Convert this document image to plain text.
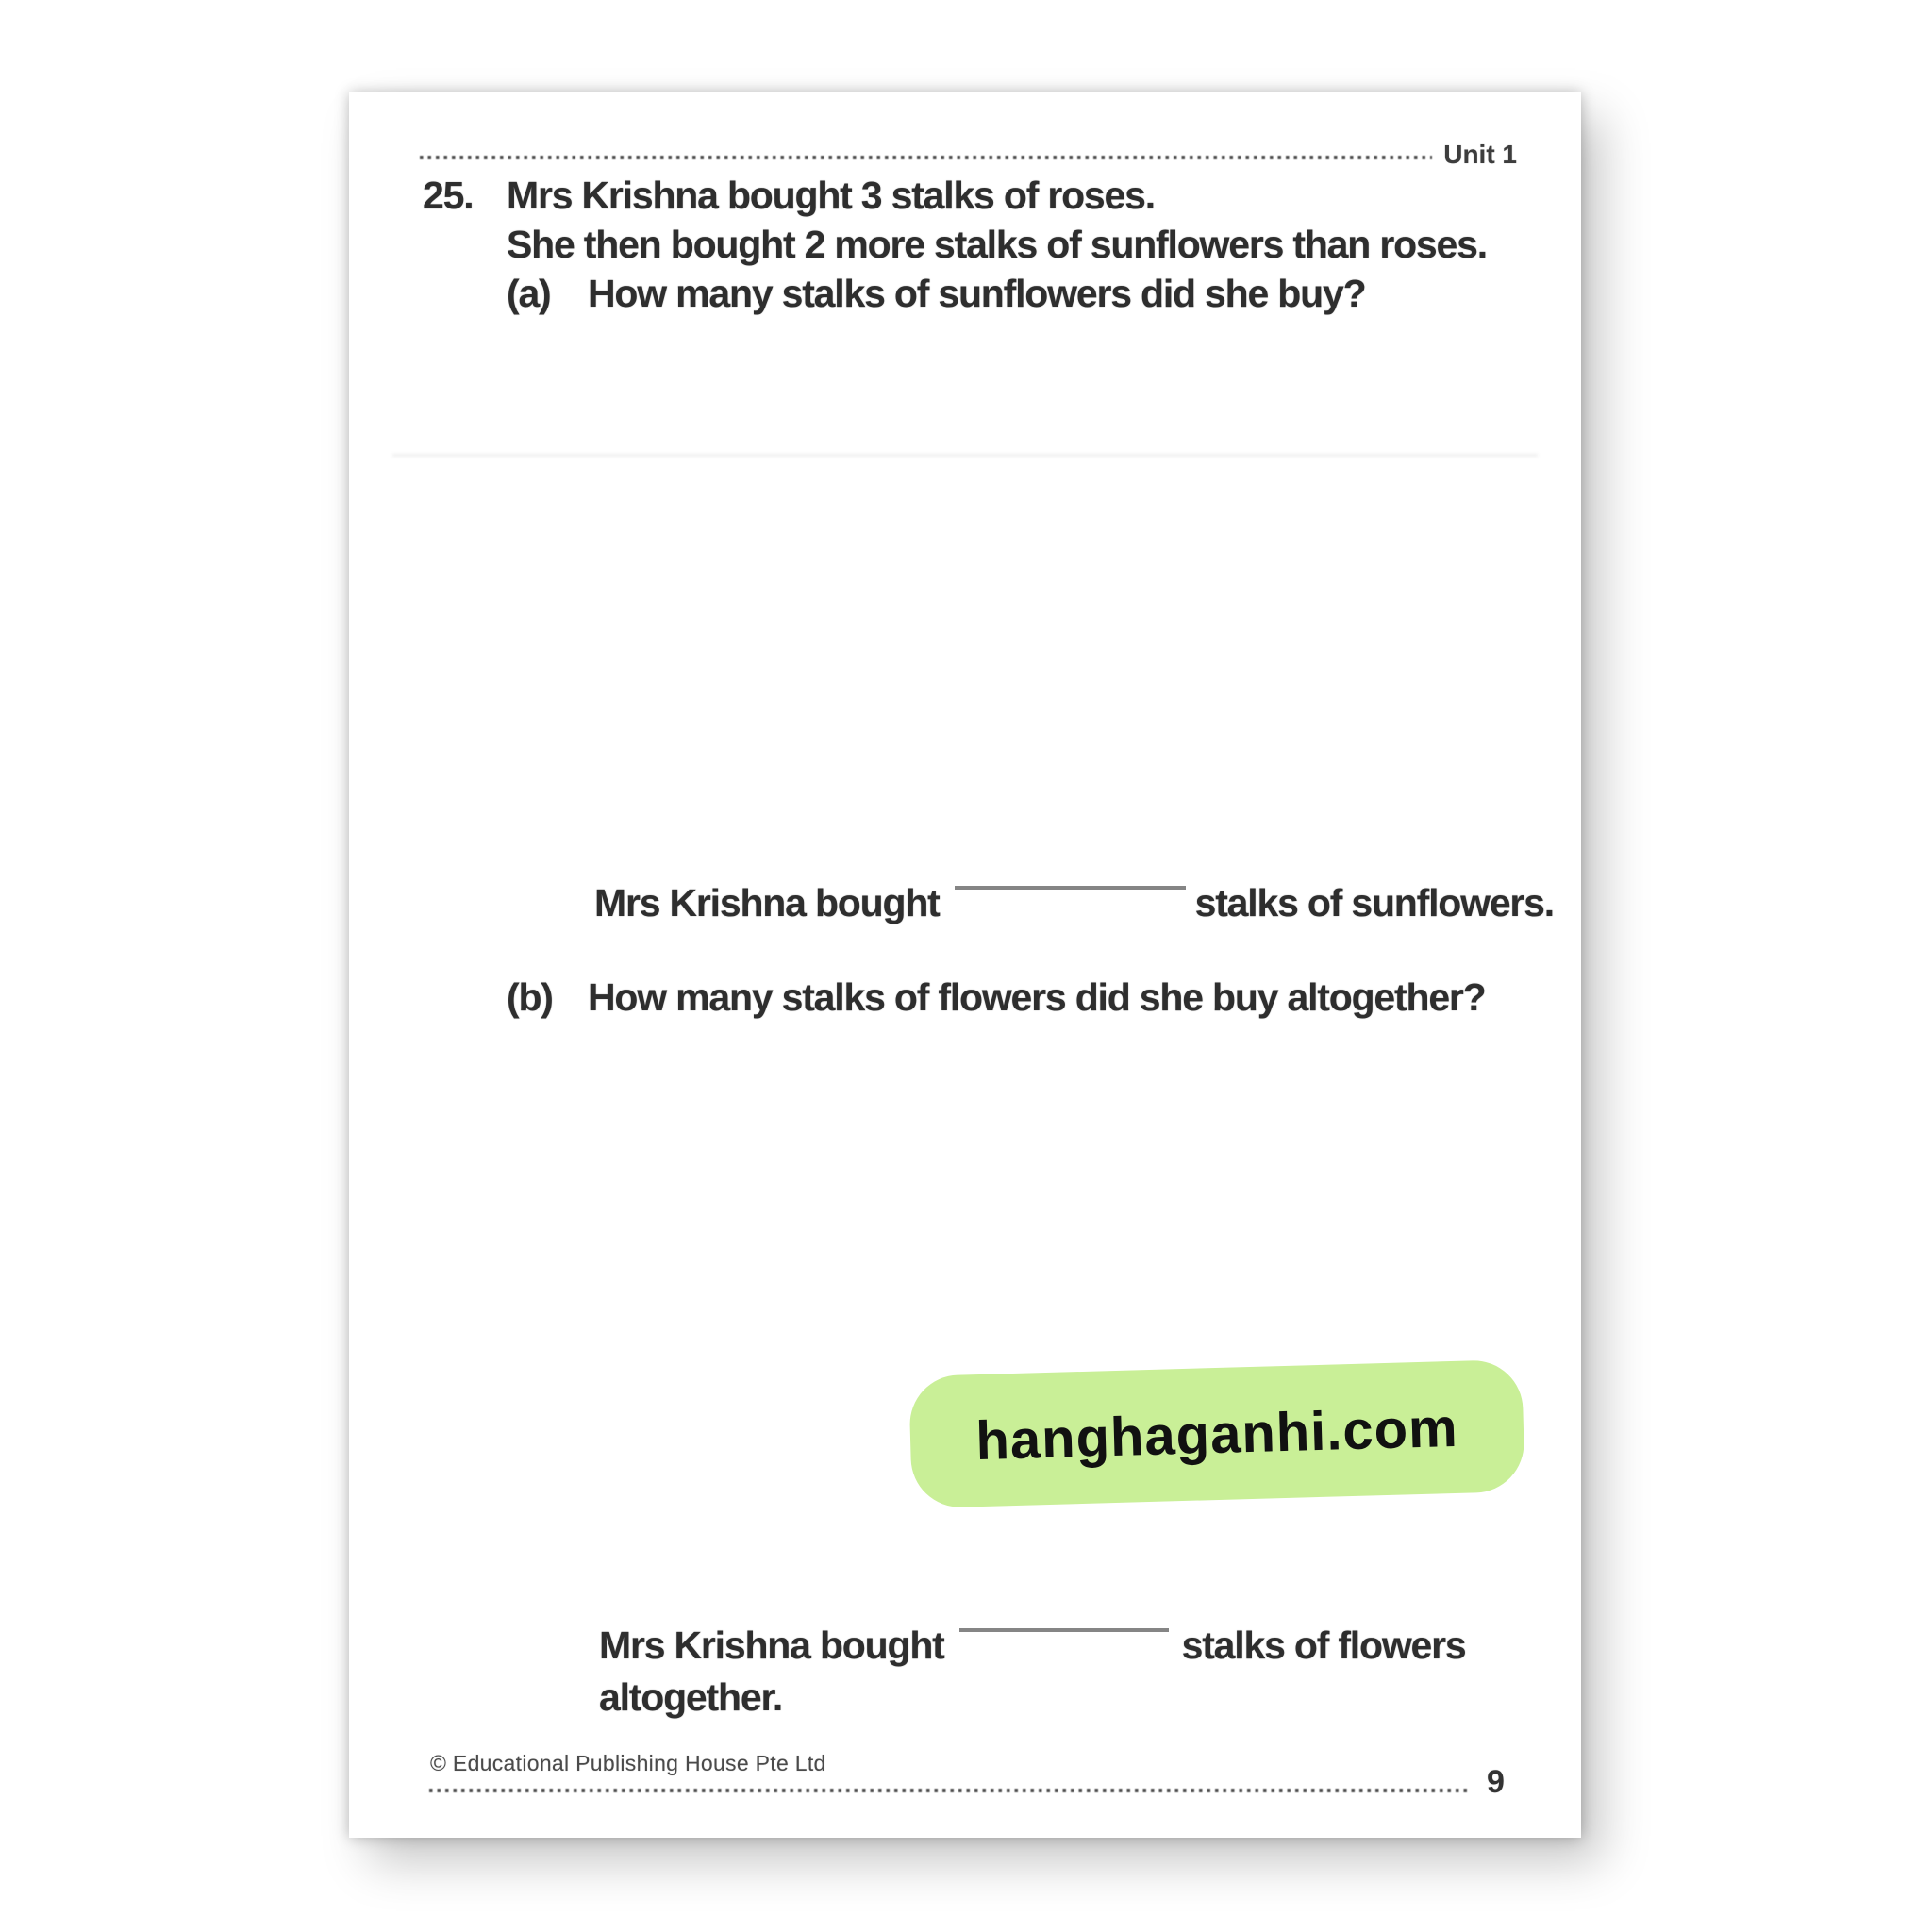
Unit 1
25. Mrs Krishna bought 3 stalks of roses.
She then bought 2 more stalks of sunflowers than roses.
(a) How many stalks of sunflowers did she buy?
Mrs Krishna bought	stalks of sunflowers.
(b) How many stalks of flowers did she buy altogether?
hanghaganhi.com
Mrs Krishna bought	stalks of flowers
altogether.
© Educational Publishing House Pte Ltd
9
